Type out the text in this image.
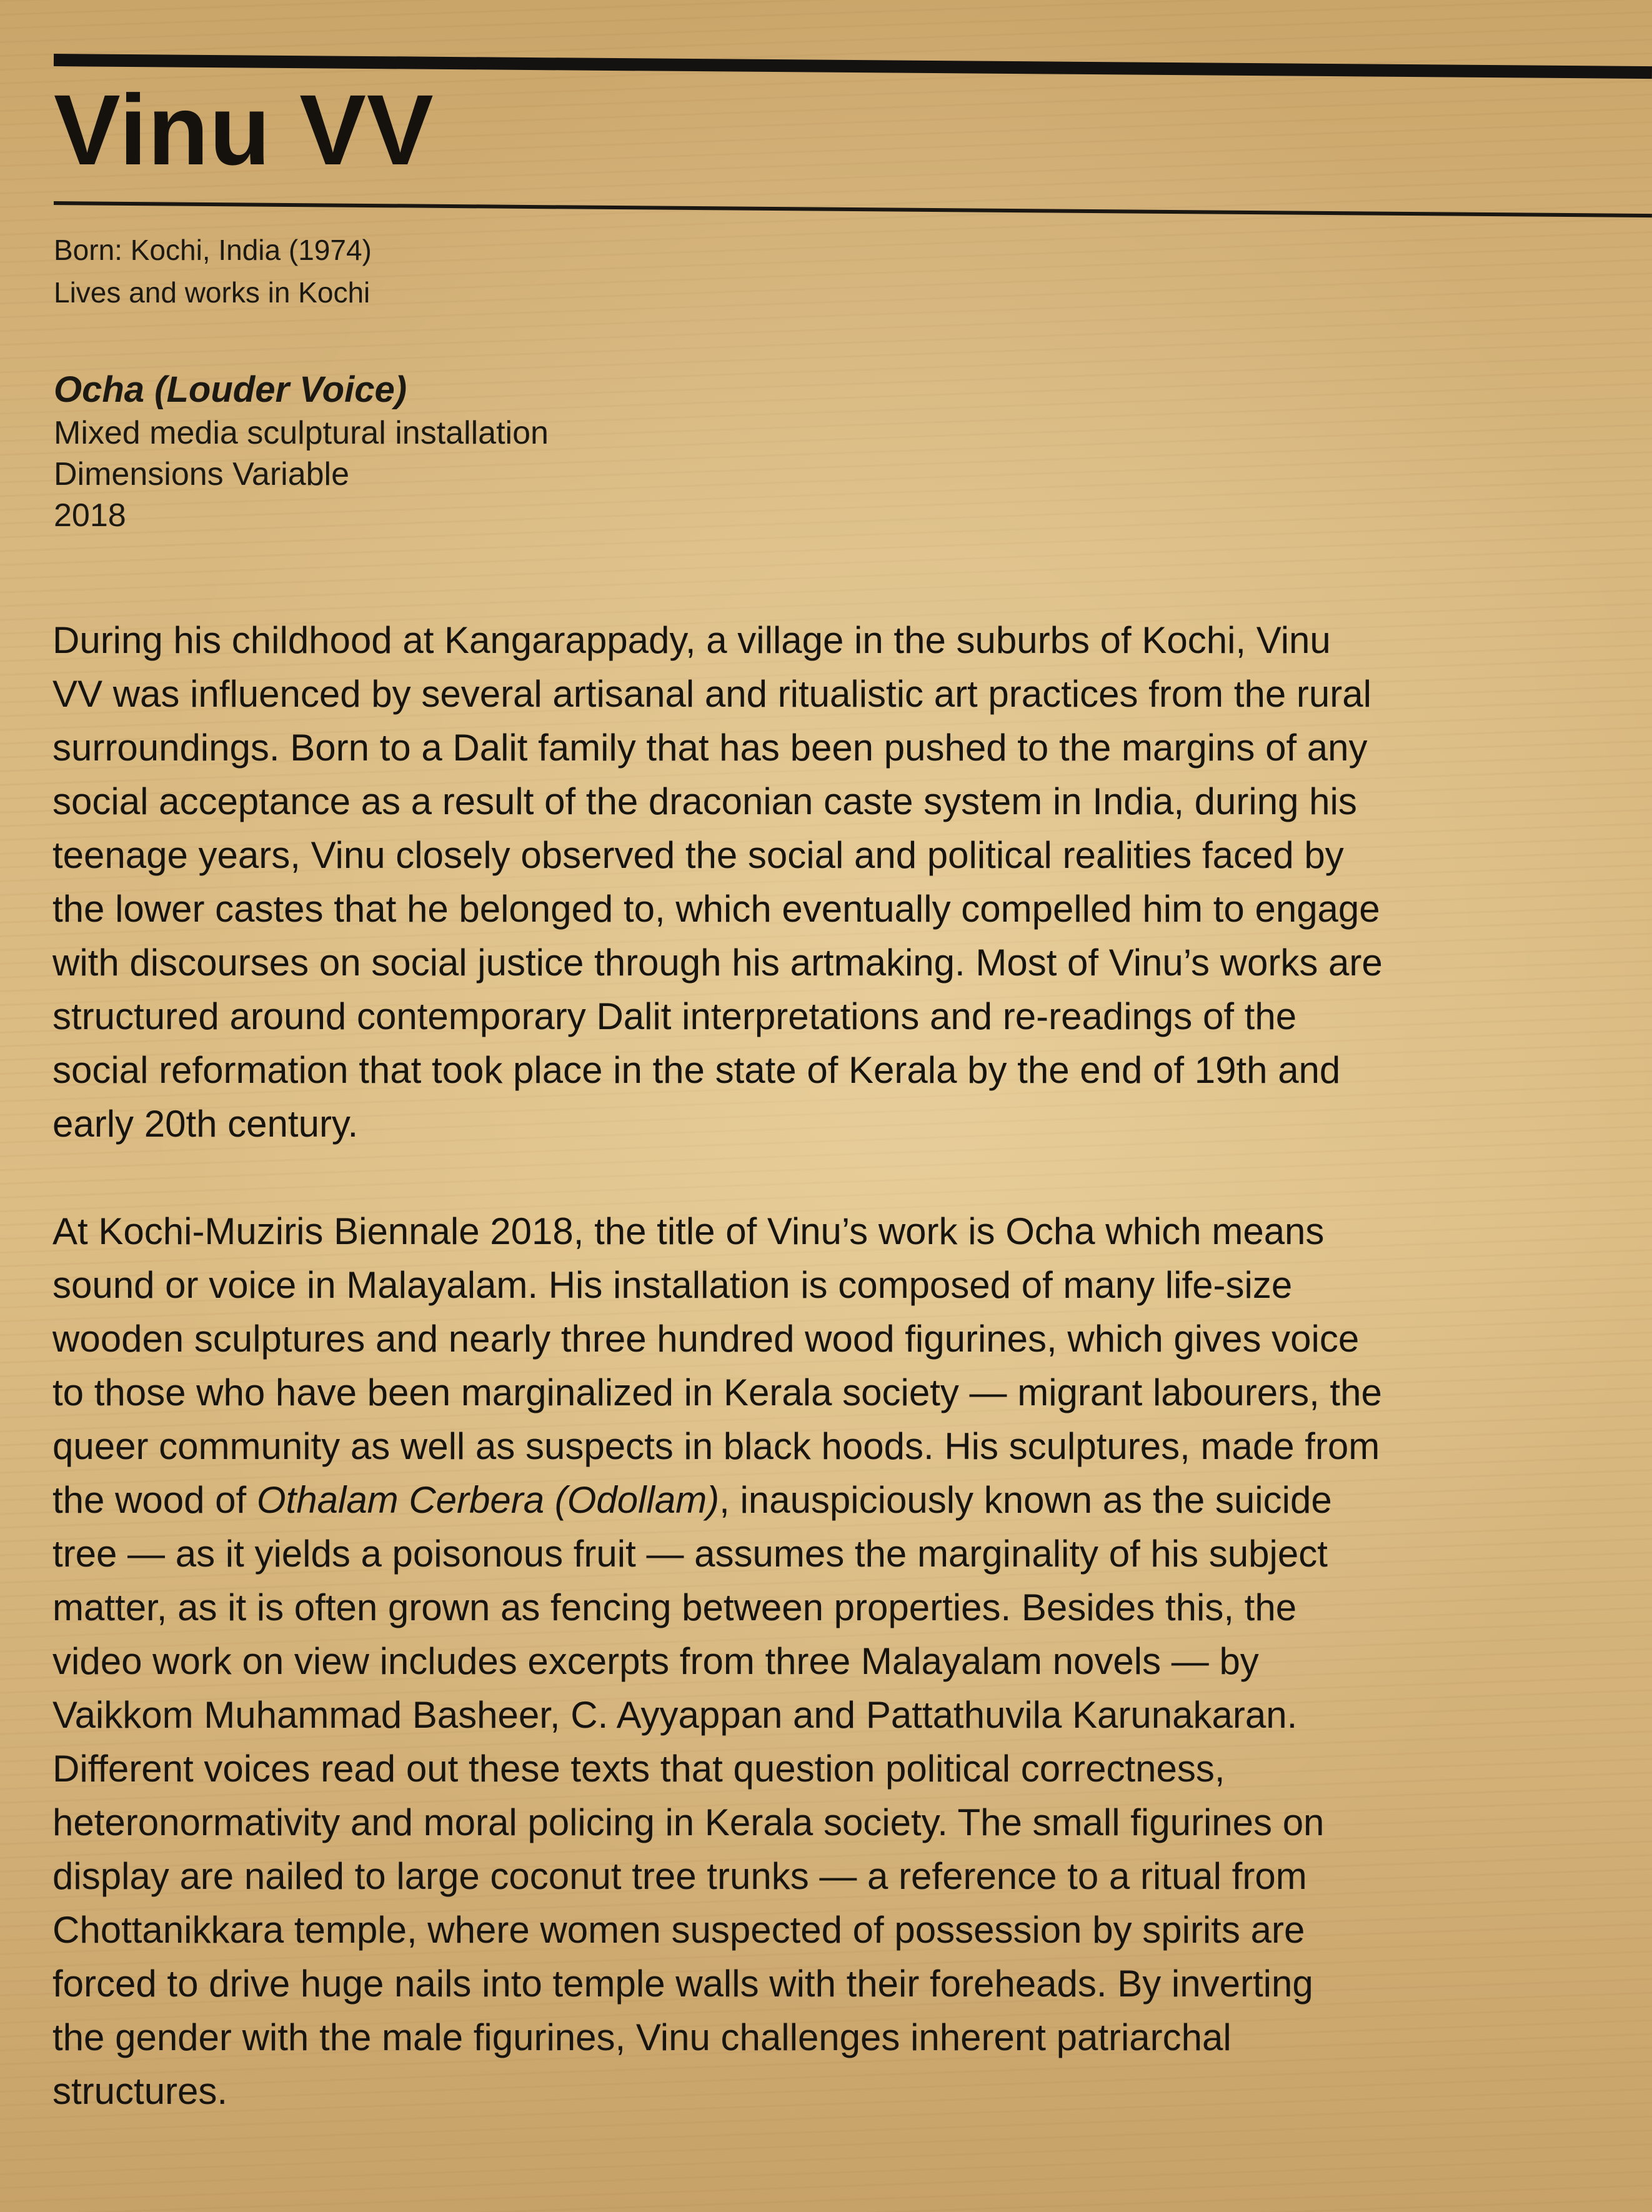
Vinu VV
Born: Kochi, India (1974)
Lives and works in Kochi
Ocha (Louder Voice)
Mixed media sculptural installation
Dimensions Variable
2018
During his childhood at Kangarappady, a village in the suburbs of Kochi, Vinu
VV was influenced by several artisanal and ritualistic art practices from the rural
surroundings. Born to a Dalit family that has been pushed to the margins of any
social acceptance as a result of the draconian caste system in India, during his
teenage years, Vinu closely observed the social and political realities faced by
the lower castes that he belonged to, which eventually compelled him to engage
with discourses on social justice through his artmaking. Most of Vinu’s works are
structured around contemporary Dalit interpretations and re-readings of the
social reformation that took place in the state of Kerala by the end of 19th and
early 20th century.
At Kochi-Muziris Biennale 2018, the title of Vinu’s work is Ocha which means
sound or voice in Malayalam. His installation is composed of many life-size
wooden sculptures and nearly three hundred wood figurines, which gives voice
to those who have been marginalized in Kerala society — migrant labourers, the
queer community as well as suspects in black hoods. His sculptures, made from
the wood of Othalam Cerbera (Odollam), inauspiciously known as the suicide
tree — as it yields a poisonous fruit — assumes the marginality of his subject
matter, as it is often grown as fencing between properties. Besides this, the
video work on view includes excerpts from three Malayalam novels — by
Vaikkom Muhammad Basheer, C. Ayyappan and Pattathuvila Karunakaran.
Different voices read out these texts that question political correctness,
heteronormativity and moral policing in Kerala society. The small figurines on
display are nailed to large coconut tree trunks — a reference to a ritual from
Chottanikkara temple, where women suspected of possession by spirits are
forced to drive huge nails into temple walls with their foreheads. By inverting
the gender with the male figurines, Vinu challenges inherent patriarchal
structures.
